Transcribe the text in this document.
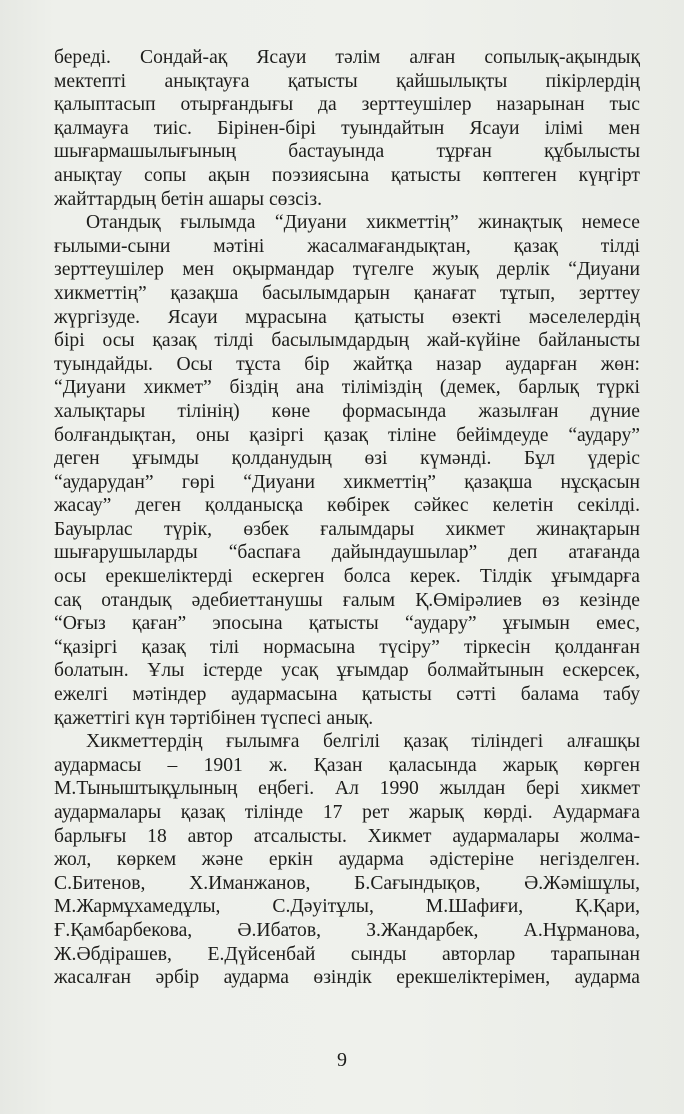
береді. Сондай-ақ Ясауи тәлім алған сопылық-ақындық
мектепті анықтауға қатысты қайшылықты пікірлердің
қалыптасып отырғандығы да зерттеушілер назарынан тыс
қалмауға тиіс. Бірінен-бірі туындайтын Ясауи ілімі мен
шығармашылығының бастауында тұрған құбылысты
анықтау сопы ақын поэзиясына қатысты көптеген күңгірт
жайттардың бетін ашары сөзсіз.
Отандық ғылымда “Диуани хикметтің” жинақтық немесе
ғылыми-сыни мәтіні жасалмағандықтан, қазақ тілді
зерттеушілер мен оқырмандар түгелге жуық дерлік “Диуани
хикметтің” қазақша басылымдарын қанағат тұтып, зерттеу
жүргізуде. Ясауи мұрасына қатысты өзекті мәселелердің
бірі осы қазақ тілді басылымдардың жай-күйіне байланысты
туындайды. Осы тұста бір жайтқа назар аударған жөн:
“Диуани хикмет” біздің ана тіліміздің (демек, барлық түркі
халықтары тілінің) көне формасында жазылған дүние
болғандықтан, оны қазіргі қазақ тіліне бейімдеуде “аудару”
деген ұғымды қолданудың өзі күмәнді. Бұл үдеріс
“аударудан” гөрі “Диуани хикметтің” қазақша нұсқасын
жасау” деген қолданысқа көбірек сәйкес келетін секілді.
Бауырлас түрік, өзбек ғалымдары хикмет жинақтарын
шығарушыларды “баспаға дайындаушылар” деп атағанда
осы ерекшеліктерді ескерген болса керек. Тілдік ұғымдарға
сақ отандық әдебиеттанушы ғалым Қ.Өмірәлиев өз кезінде
“Оғыз қаған” эпосына қатысты “аудару” ұғымын емес,
“қазіргі қазақ тілі нормасына түсіру” тіркесін қолданған
болатын. Ұлы істерде усақ ұғымдар болмайтынын ескерсек,
ежелгі мәтіндер аудармасына қатысты сәтті балама табу
қажеттігі күн тәртібінен түспесі анық.
Хикметтердің ғылымға белгілі қазақ тіліндегі алғашқы
аудармасы – 1901 ж. Қазан қаласында жарық көрген
М.Тыныштықұлының еңбегі. Ал 1990 жылдан бері хикмет
аудармалары қазақ тілінде 17 рет жарық көрді. Аудармаға
барлығы 18 автор атсалысты. Хикмет аудармалары жолма-
жол, көркем және еркін аударма әдістеріне негізделген.
С.Битенов, Х.Иманжанов, Б.Сағындықов, Ә.Жәмішұлы,
М.Жармұхамедұлы, С.Дәуітұлы, М.Шафиғи, Қ.Қари,
Ғ.Қамбарбекова, Ә.Ибатов, З.Жандарбек, А.Нұрманова,
Ж.Әбдірашев, Е.Дүйсенбай сынды авторлар тарапынан
жасалған әрбір аударма өзіндік ерекшеліктерімен, аударма
9
